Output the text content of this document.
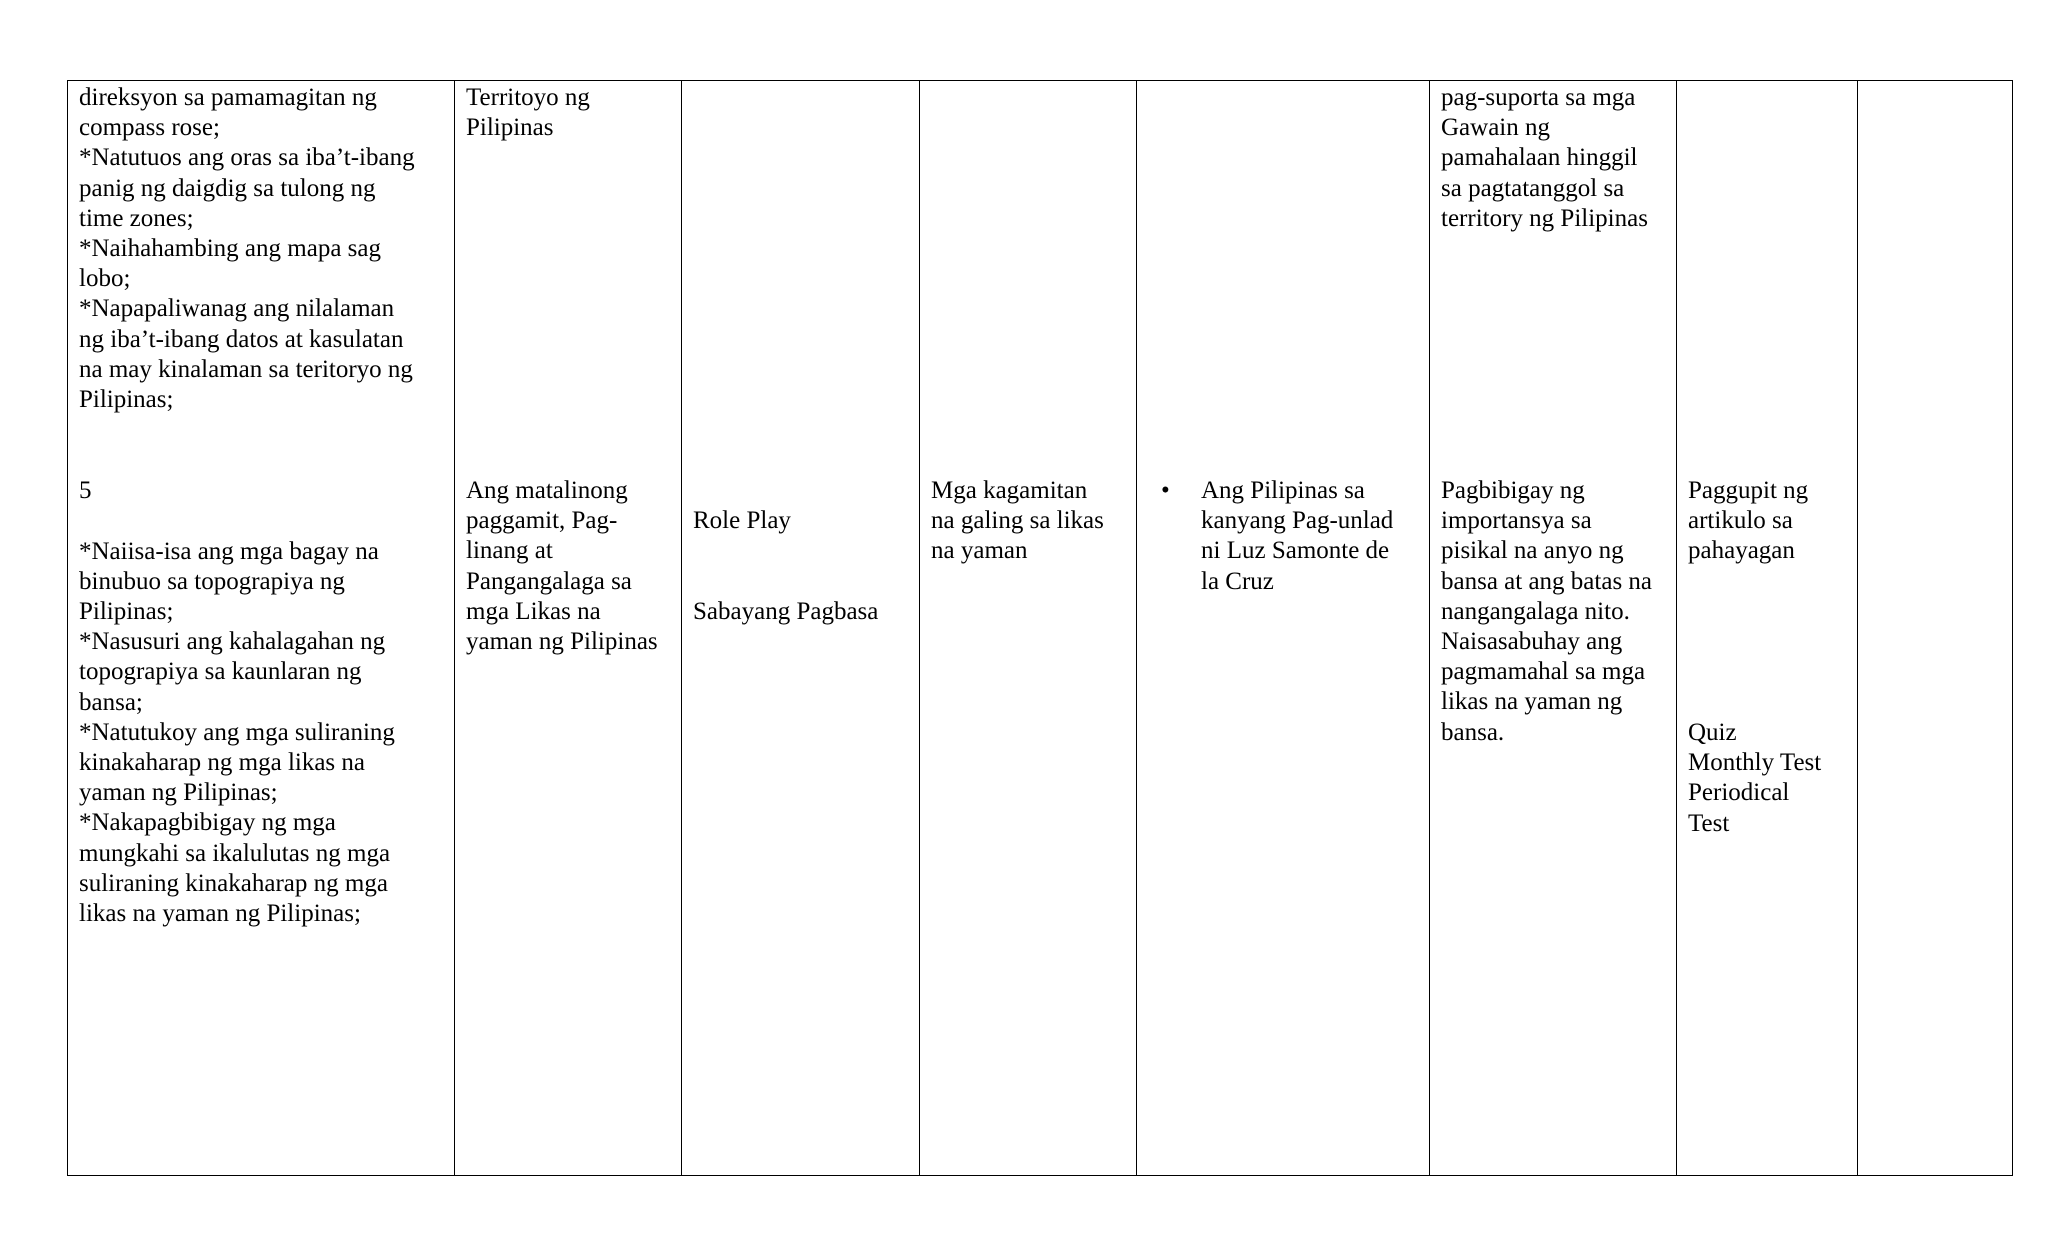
direksyon sa pamamagitan ng
compass rose;
*Natutuos ang oras sa iba’t-ibang
panig ng daigdig sa tulong ng
time zones;
*Naihahambing ang mapa sag
lobo;
*Napapaliwanag ang nilalaman
ng iba’t-ibang datos at kasulatan
na may kinalaman sa teritoryo ng
Pilipinas;

5

*Naiisa-isa ang mga bagay na
binubuo sa topograpiya ng
Pilipinas;
*Nasusuri ang kahalagahan ng
topograpiya sa kaunlaran ng
bansa;
*Natutukoy ang mga suliraning
kinakaharap ng mga likas na
yaman ng Pilipinas;
*Nakapagbibigay ng mga
mungkahi sa ikalulutas ng mga
suliraning kinakaharap ng mga
likas na yaman ng Pilipinas;

Territoyo ng
Pilipinas

Ang matalinong
paggamit, Pag-
linang at
Pangangalaga sa
mga Likas na
yaman ng Pilipinas

Role Play

Sabayang Pagbasa

Mga kagamitan
na galing sa likas
na yaman

•	Ang Pilipinas sa
kanyang Pag-unlad
ni Luz Samonte de
la Cruz

pag-suporta sa mga
Gawain ng
pamahalaan hinggil
sa pagtatanggol sa
territory ng Pilipinas

Pagbibigay ng
importansya sa
pisikal na anyo ng
bansa at ang batas na
nangangalaga nito.
Naisasabuhay ang
pagmamahal sa mga
likas na yaman ng
bansa.

Paggupit ng
artikulo sa
pahayagan

Quiz
Monthly Test
Periodical
Test
